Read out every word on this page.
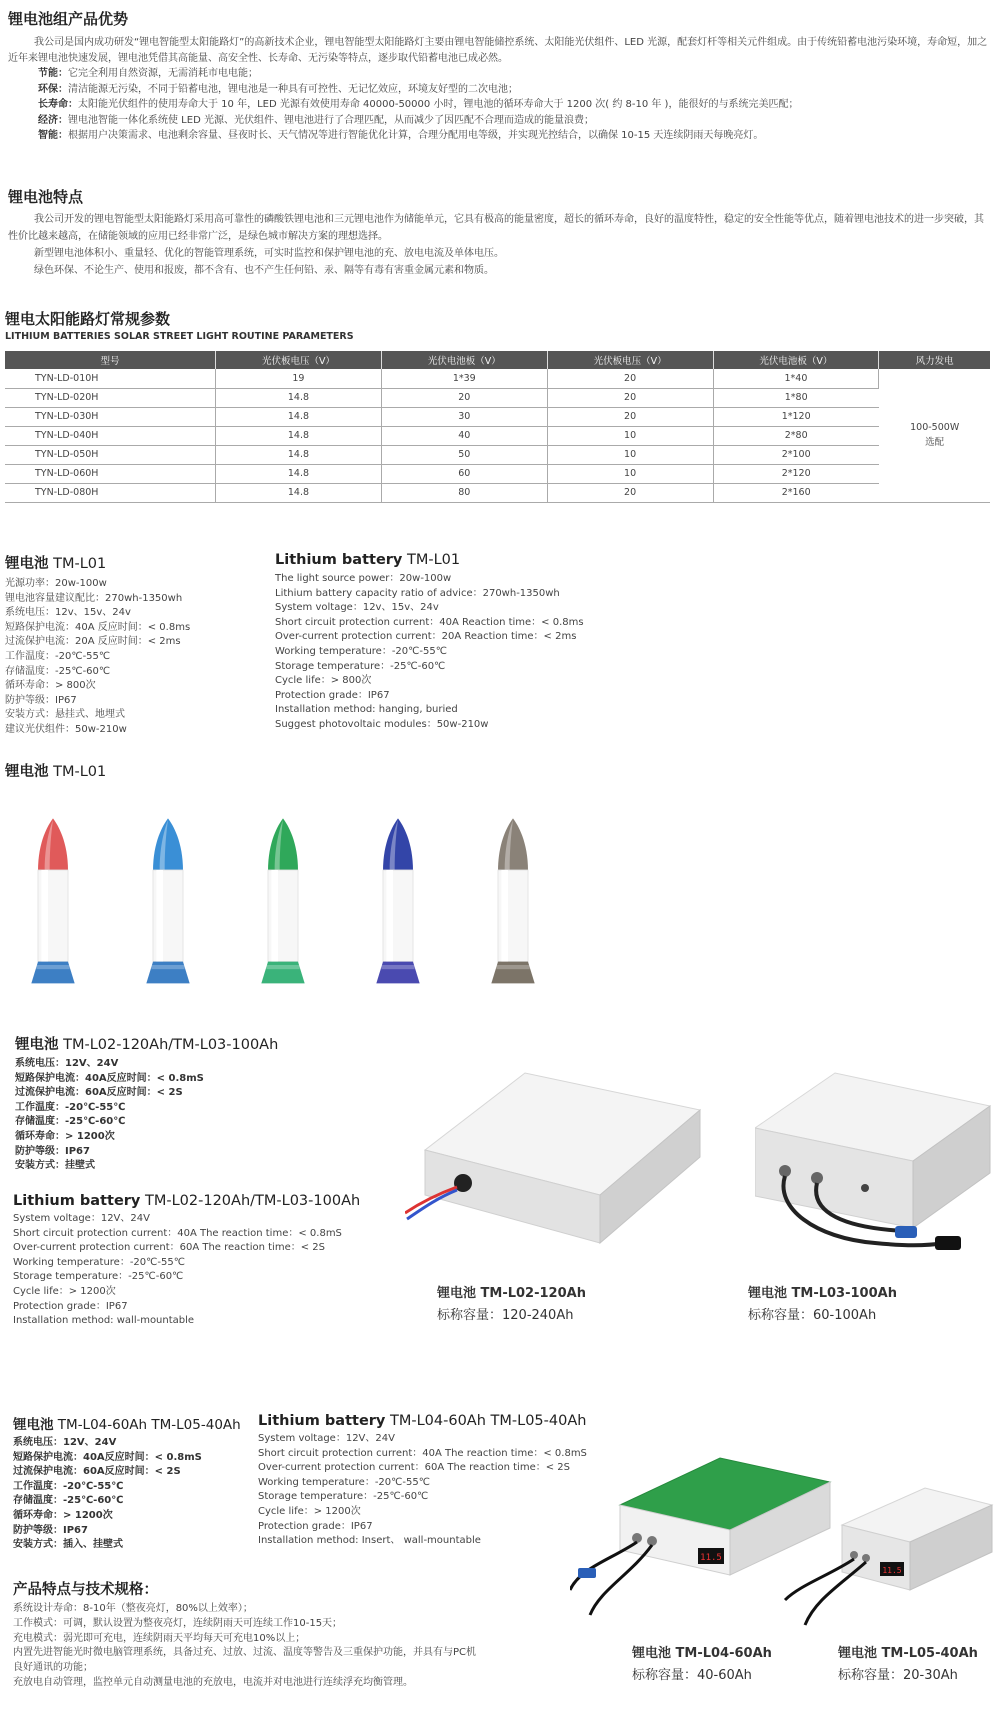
锂电池组产品优势
我公司是国内成功研发“锂电智能型太阳能路灯”的高新技术企业，锂电智能型太阳能路灯主要由锂电智能储控系统、太阳能光伏组件、LED 光源，配套灯杆等相关元件组成。由于传统铅蓄电池污染环境，寿命短，加之近年来锂电池快速发展，锂电池凭借其高能量、高安全性、长寿命、无污染等特点，逐步取代铅蓄电池已成必然。
节能：它完全利用自然资源，无需消耗市电电能；
环保：清洁能源无污染，不同于铅蓄电池，锂电池是一种具有可控性、无记忆效应，环境友好型的二次电池；
长寿命：太阳能光伏组件的使用寿命大于 10 年，LED 光源有效使用寿命 40000-50000 小时，锂电池的循环寿命大于 1200 次( 约 8-10 年 )，能很好的与系统完美匹配；
经济：锂电池智能一体化系统使 LED 光源、光伏组件、锂电池进行了合理匹配，从而减少了因匹配不合理而造成的能量浪费；
智能：根据用户决策需求、电池剩余容量、昼夜时长、天气情况等进行智能优化计算，合理分配用电等级，并实现光控结合，以确保 10-15 天连续阴雨天每晚亮灯。
锂电池特点
我公司开发的锂电智能型太阳能路灯采用高可靠性的磷酸铁锂电池和三元锂电池作为储能单元，它具有极高的能量密度，超长的循环寿命，良好的温度特性，稳定的安全性能等优点，随着锂电池技术的进一步突破，其性价比越来越高，在储能领域的应用已经非常广泛，是绿色城市解决方案的理想选择。
新型锂电池体积小、重量轻、优化的智能管理系统，可实时监控和保护锂电池的充、放电电流及单体电压。
绿色环保、不论生产、使用和报废，都不含有、也不产生任何铅、汞、隔等有毒有害重金属元素和物质。
锂电太阳能路灯常规参数
LITHIUM BATTERIES SOLAR STREET LIGHT ROUTINE PARAMETERS
型号	光伏板电压（V）	光伏电池板（V）	光伏板电压（V）	光伏电池板（V）	风力发电
TYN-LD-010H	19	1*39	20	1*40	100-500W
选配

TYN-LD-020H	14.8	20	20	1*80	
TYN-LD-030H	14.8	30	20	1*120	
TYN-LD-040H	14.8	40	10	2*80	
TYN-LD-050H	14.8	50	10	2*100	
TYN-LD-060H	14.8	60	10	2*120	
TYN-LD-080H	14.8	80	20	2*160	
锂电池 TM-L01
光源功率：20w-100w
锂电池容量建议配比：270wh-1350wh
系统电压：12v、15v、24v
短路保护电流：40A 反应时间：< 0.8ms
过流保护电流：20A 反应时间：< 2ms
工作温度：-20℃-55℃
存储温度：-25℃-60℃
循环寿命：> 800次
防护等级：IP67
安装方式：悬挂式、地埋式
建议光伏组件：50w-210w
Lithium battery TM-L01
The light source power：20w-100w
Lithium battery capacity ratio of advice：270wh-1350wh
System voltage：12v、15v、24v
Short circuit protection current：40A Reaction time：< 0.8ms
Over-current protection current：20A Reaction time：< 2ms
Working temperature：-20℃-55℃
Storage temperature：-25℃-60℃
Cycle life：> 800次
Protection grade：IP67
Installation method: hanging, buried
Suggest photovoltaic modules：50w-210w
锂电池 TM-L01
锂电池 TM-L02-120Ah/TM-L03-100Ah
系统电压：12V、24V
短路保护电流：40A反应时间：< 0.8mS
过流保护电流：60A反应时间：< 2S
工作温度：-20℃-55℃
存储温度：-25℃-60℃
循环寿命：> 1200次
防护等级：IP67
安装方式：挂壁式
Lithium battery TM-L02-120Ah/TM-L03-100Ah
System voltage：12V、24V
Short circuit protection current：40A The reaction time：< 0.8mS
Over-current protection current：60A The reaction time：< 2S
Working temperature：-20℃-55℃
Storage temperature：-25℃-60℃
Cycle life：> 1200次
Protection grade：IP67
Installation method: wall-mountable
锂电池 TM-L02-120Ah
标称容量：120-240Ah
锂电池 TM-L03-100Ah
标称容量：60-100Ah
锂电池 TM-L04-60Ah TM-L05-40Ah
系统电压：12V、24V
短路保护电流：40A反应时间：< 0.8mS
过流保护电流：60A反应时间：< 2S
工作温度：-20℃-55℃
存储温度：-25℃-60℃
循环寿命：> 1200次
防护等级：IP67
安装方式：插入、挂壁式
Lithium battery TM-L04-60Ah TM-L05-40Ah
System voltage：12V、24V
Short circuit protection current：40A The reaction time：< 0.8mS
Over-current protection current：60A The reaction time：< 2S
Working temperature：-20℃-55℃
Storage temperature：-25℃-60℃
Cycle life：> 1200次
Protection grade：IP67
Installation method: Insert、 wall-mountable
11.5
11.5
锂电池 TM-L04-60Ah
标称容量：40-60Ah
锂电池 TM-L05-40Ah
标称容量：20-30Ah
产品特点与技术规格：
系统设计寿命：8-10年（整夜亮灯，80%以上效率）；
工作模式：可调，默认设置为整夜亮灯，连续阴雨天可连续工作10-15天；
充电模式：弱光即可充电，连续阴雨天平均每天可充电10%以上；
内置先进智能光时微电脑管理系统，具备过充、过放、过流、温度等警告及三重保护功能，并具有与PC机
良好通讯的功能；
充放电自动管理，监控单元自动测量电池的充放电，电流并对电池进行连续浮充均衡管理。
